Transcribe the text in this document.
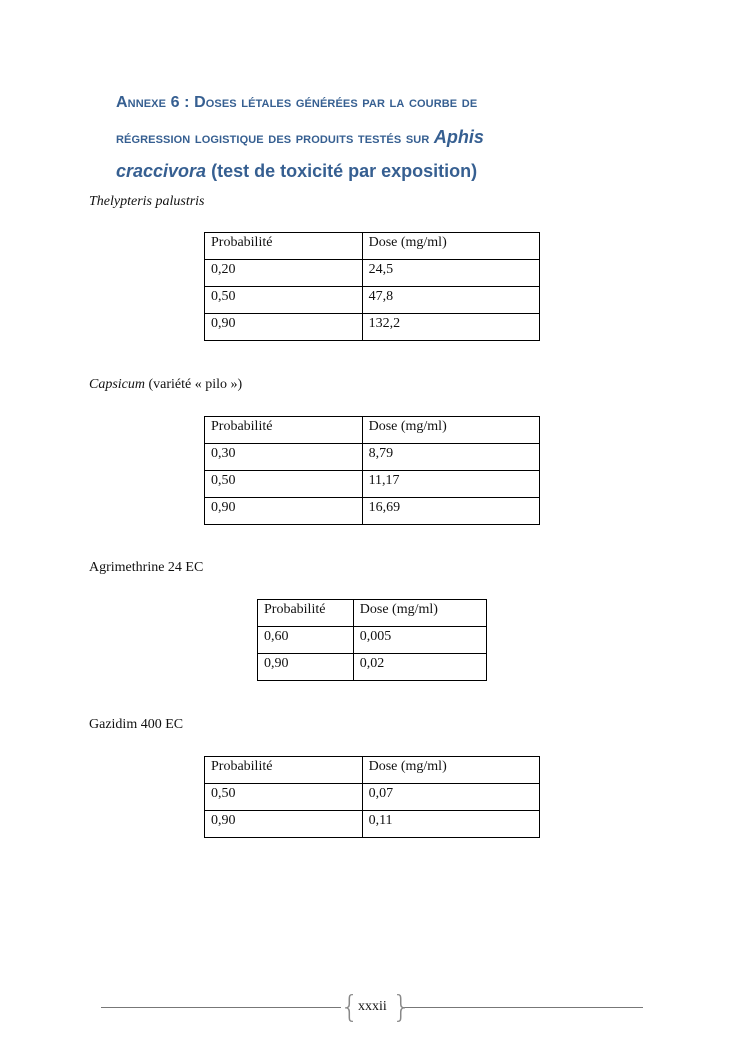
Annexe 6 : Doses létales générées par la courbe de
régression logistique des produits testés sur Aphis
craccivora (test de toxicité par exposition)
Thelypteris palustris
Probabilité	Dose (mg/ml)
0,20	24,5
0,50	47,8
0,90	132,2
Capsicum (variété « pilo »)
Probabilité	Dose (mg/ml)
0,30	8,79
0,50	11,17
0,90	16,69
Agrimethrine 24 EC
Probabilité	Dose (mg/ml)
0,60	0,005
0,90	0,02
Gazidim 400 EC
Probabilité	Dose (mg/ml)
0,50	0,07
0,90	0,11
{ }
xxxii
